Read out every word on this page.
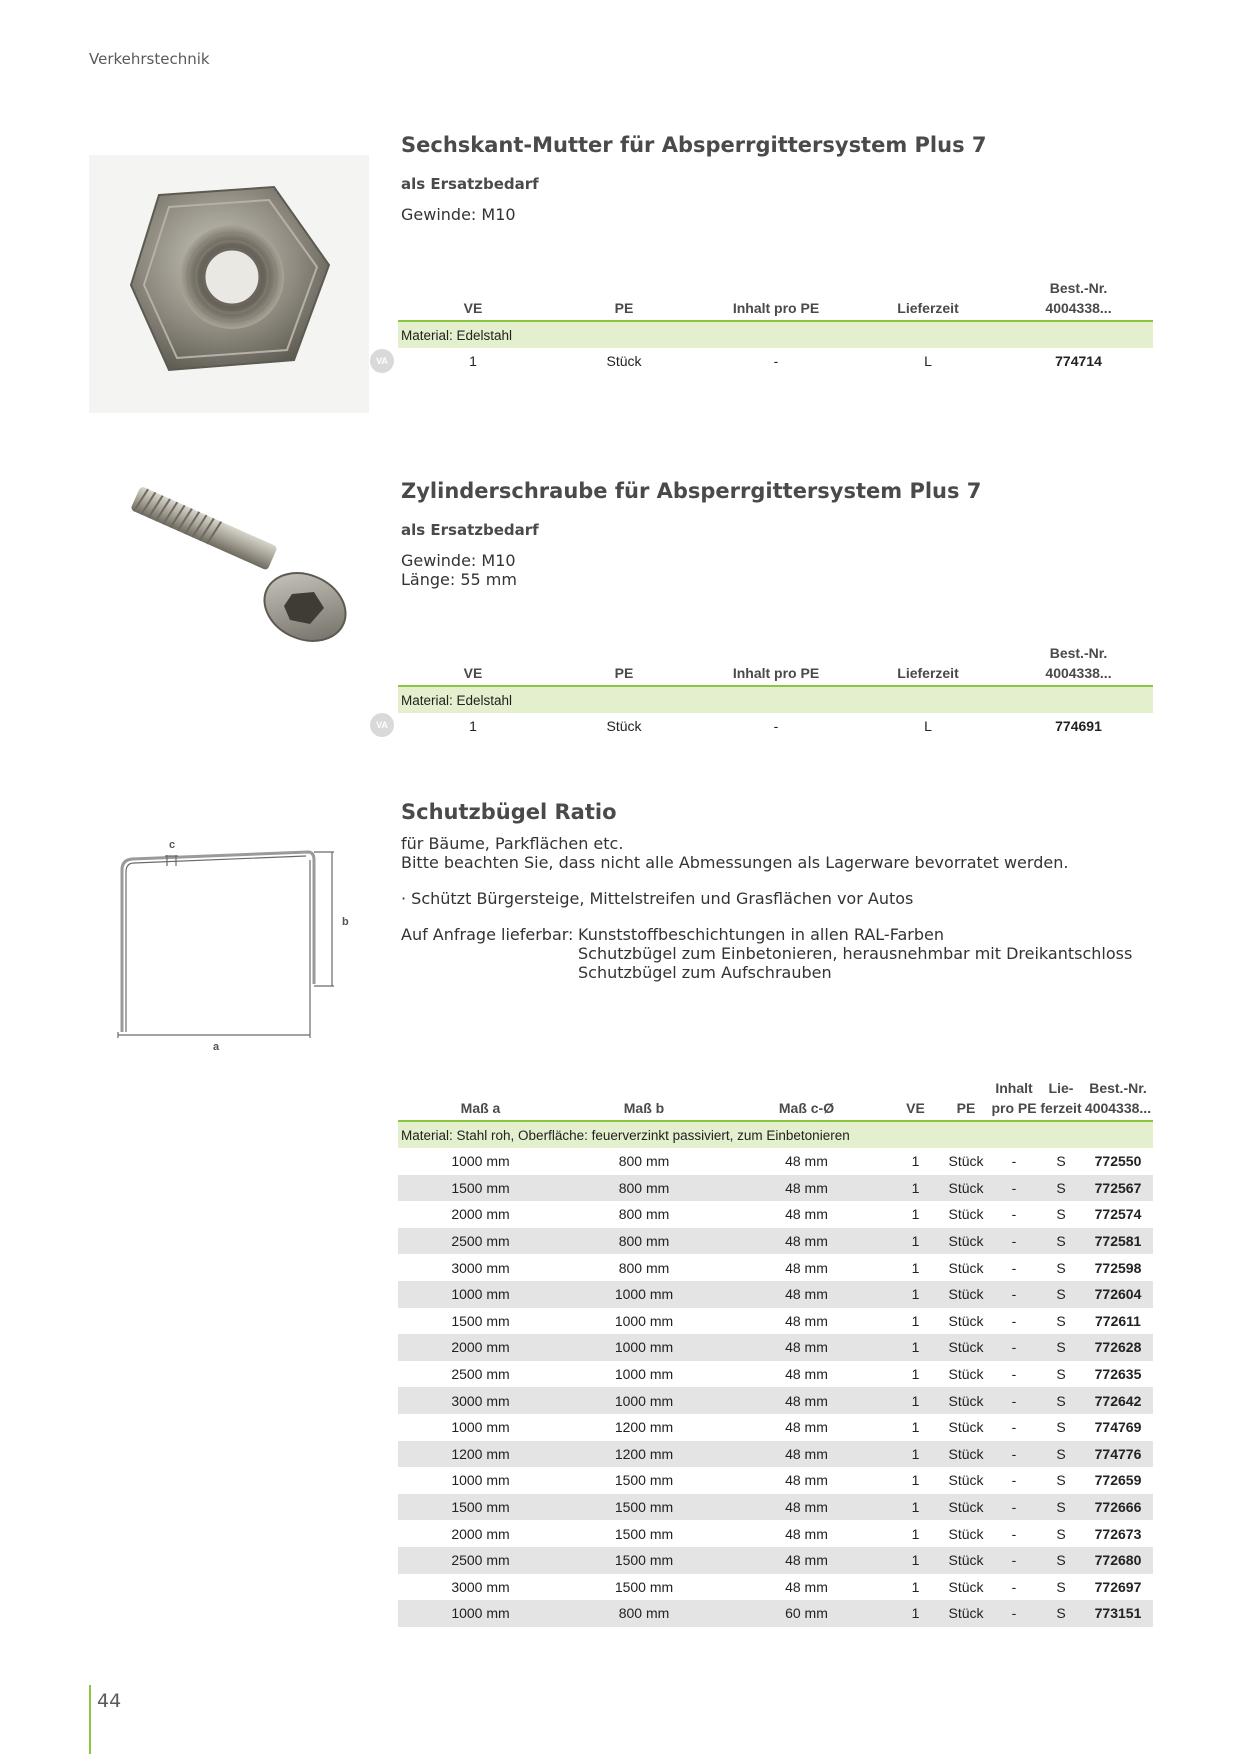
Verkehrstechnik
Sechskant-Mutter für Absperrgittersystem Plus 7
als Ersatzbedarf
Gewinde: M10
VE	PE	Inhalt pro PE	Lieferzeit	Best.-Nr.
4004338...
Material: Edelstahl				
1	Stück	-	L	774714
VA
Zylinderschraube für Absperrgittersystem Plus 7
als Ersatzbedarf
Gewinde: M10
Länge: 55 mm
VE	PE	Inhalt pro PE	Lieferzeit	Best.-Nr.
4004338...
Material: Edelstahl				
1	Stück	-	L	774691
VA
c
b
a
Schutzbügel Ratio
für Bäume, Parkflächen etc.
Bitte beachten Sie, dass nicht alle Abmessungen als Lagerware bevorratet werden.
· Schützt Bürgersteige, Mittelstreifen und Grasflächen vor Autos
Auf Anfrage lieferbar: Kunststoffbeschichtungen in allen RAL-Farben
Schutzbügel zum Einbetonieren, herausnehmbar mit Dreikantschloss
Schutzbügel zum Aufschrauben
Maß a	Maß b	Maß c-Ø	VE	PE	Inhalt
pro PE	Lie-
ferzeit	Best.-Nr.
4004338...
Material: Stahl roh, Oberfläche: feuerverzinkt passiviert, zum Einbetonieren							
1000 mm	800 mm	48 mm	1	Stück	-	S	772550
1500 mm	800 mm	48 mm	1	Stück	-	S	772567
2000 mm	800 mm	48 mm	1	Stück	-	S	772574
2500 mm	800 mm	48 mm	1	Stück	-	S	772581
3000 mm	800 mm	48 mm	1	Stück	-	S	772598
1000 mm	1000 mm	48 mm	1	Stück	-	S	772604
1500 mm	1000 mm	48 mm	1	Stück	-	S	772611
2000 mm	1000 mm	48 mm	1	Stück	-	S	772628
2500 mm	1000 mm	48 mm	1	Stück	-	S	772635
3000 mm	1000 mm	48 mm	1	Stück	-	S	772642
1000 mm	1200 mm	48 mm	1	Stück	-	S	774769
1200 mm	1200 mm	48 mm	1	Stück	-	S	774776
1000 mm	1500 mm	48 mm	1	Stück	-	S	772659
1500 mm	1500 mm	48 mm	1	Stück	-	S	772666
2000 mm	1500 mm	48 mm	1	Stück	-	S	772673
2500 mm	1500 mm	48 mm	1	Stück	-	S	772680
3000 mm	1500 mm	48 mm	1	Stück	-	S	772697
1000 mm	800 mm	60 mm	1	Stück	-	S	773151
44
